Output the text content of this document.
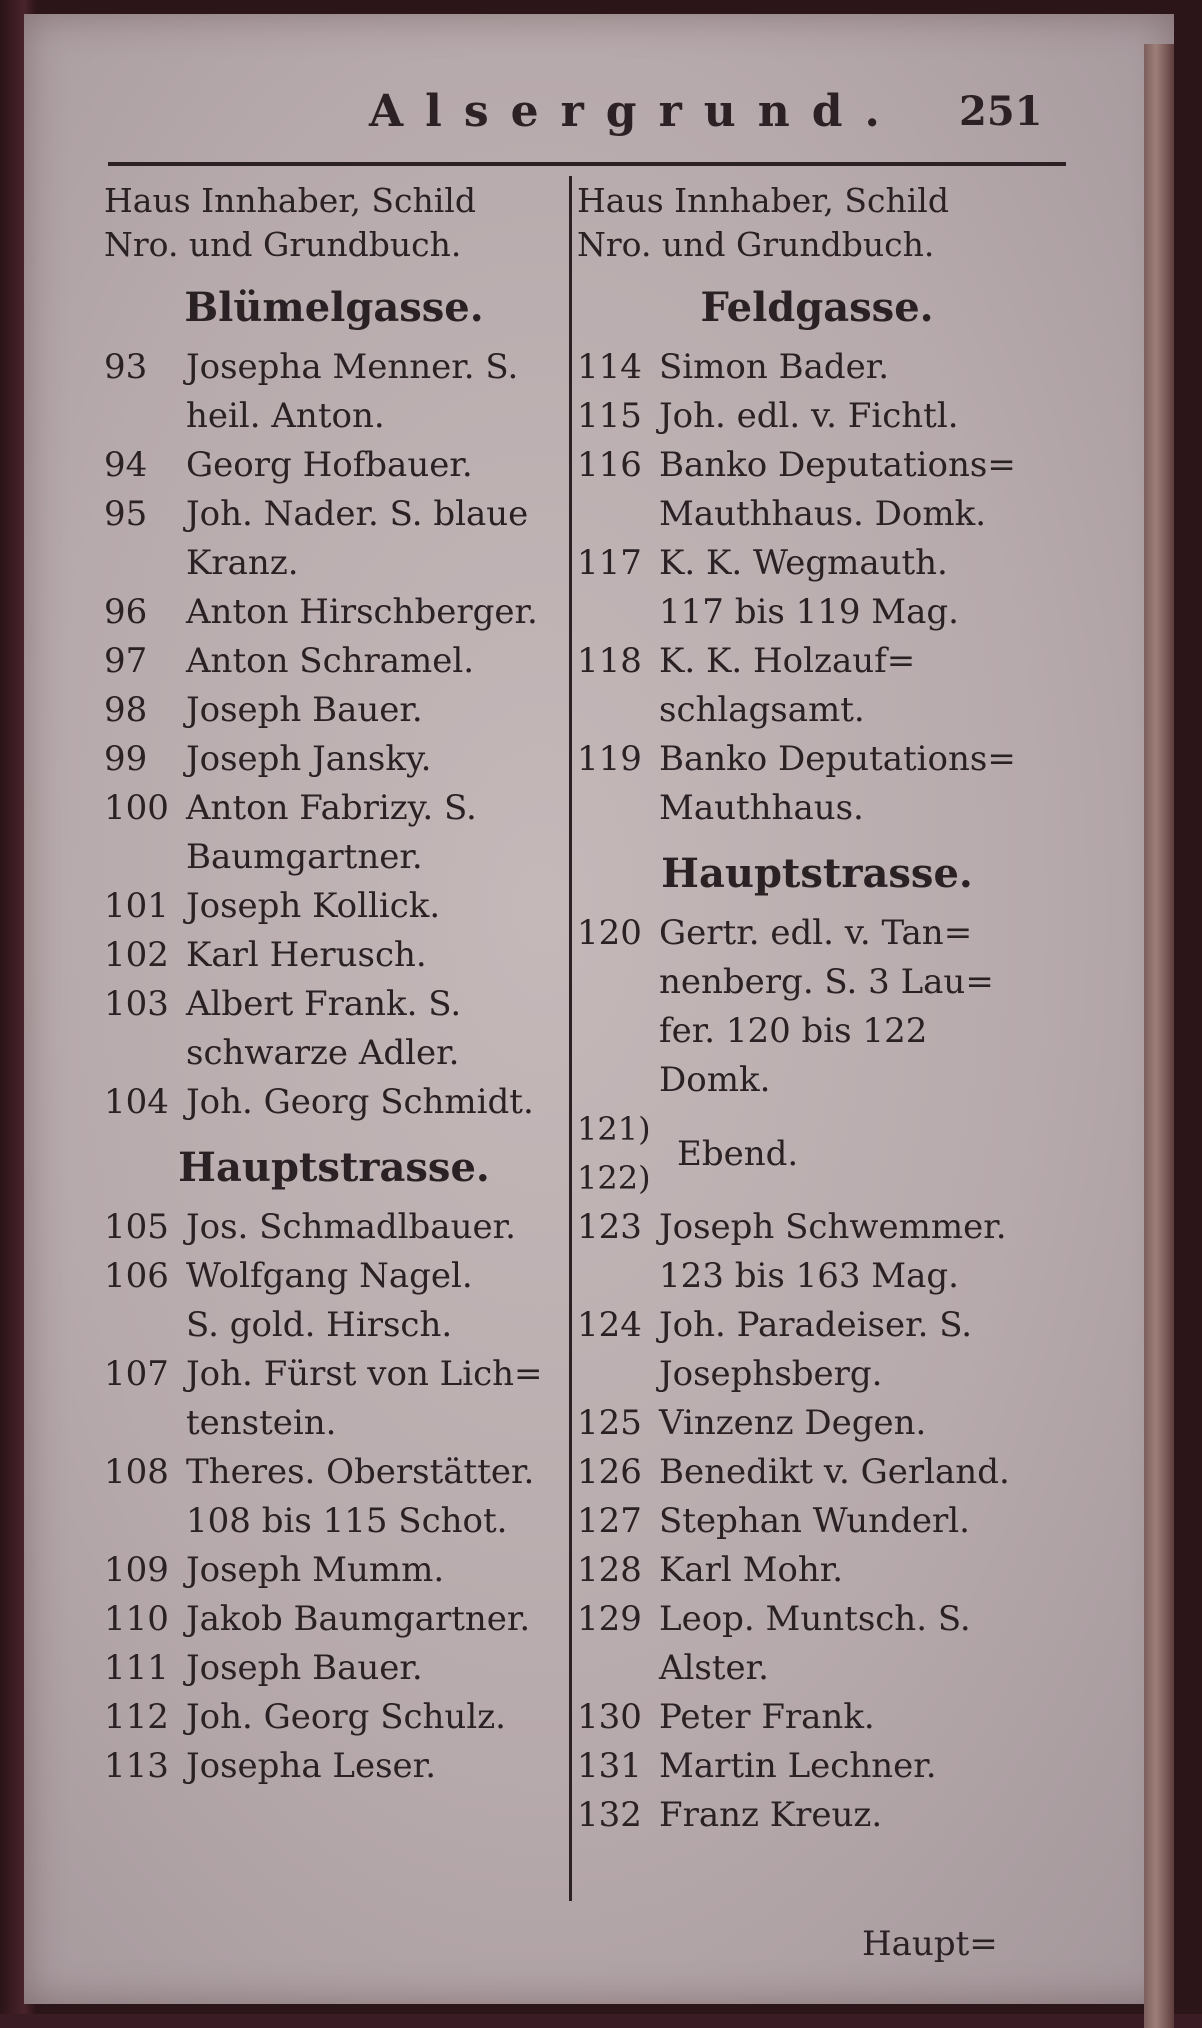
Alsergrund. 251
Haus Innhaber, Schild
Nro. und Grundbuch.
Blümelgasse.
93	Josepha Menner. S.
heil. Anton.
94	Georg Hofbauer.
95	Joh. Nader. S. blaue
Kranz.
96	Anton Hirschberger.
97	Anton Schramel.
98	Joseph Bauer.
99	Joseph Jansky.
100 Anton Fabrizy. S.
Baumgartner.
101 Joseph Kollick.
102 Karl Herusch.
103 Albert Frank. S.
schwarze Adler.
104 Joh. Georg Schmidt.
Hauptstrasse.
105 Jos. Schmadlbauer.
106 Wolfgang Nagel.
S. gold. Hirsch.
107 Joh. Fürst von Lich=
tenstein.
108 Theres. Oberstätter.
108 bis 115 Schot.
109 Joseph Mumm.
110 Jakob Baumgartner.
111 Joseph Bauer.
112 Joh. Georg Schulz.
113 Josepha Leser.
Haus Innhaber, Schild
Nro. und Grundbuch.
Feldgasse.
114 Simon Bader.
115 Joh. edl. v. Fichtl.
116 Banko Deputations=
Mauthhaus. Domk.
117 K. K. Wegmauth.
117 bis 119 Mag.
118 K. K. Holzauf=
schlagsamt.
119 Banko Deputations=
Mauthhaus.
Hauptstrasse.
120 Gertr. edl. v. Tan=
nenberg. S. 3 Lau=
fer. 120 bis 122
Domk.
121)
122)
Ebend.
123 Joseph Schwemmer.
123 bis 163 Mag.
124 Joh. Paradeiser. S.
Josephsberg.
125 Vinzenz Degen.
126 Benedikt v. Gerland.
127 Stephan Wunderl.
128 Karl Mohr.
129 Leop. Muntsch. S.
Alster.
130 Peter Frank.
131 Martin Lechner.
132 Franz Kreuz.
Haupt=
